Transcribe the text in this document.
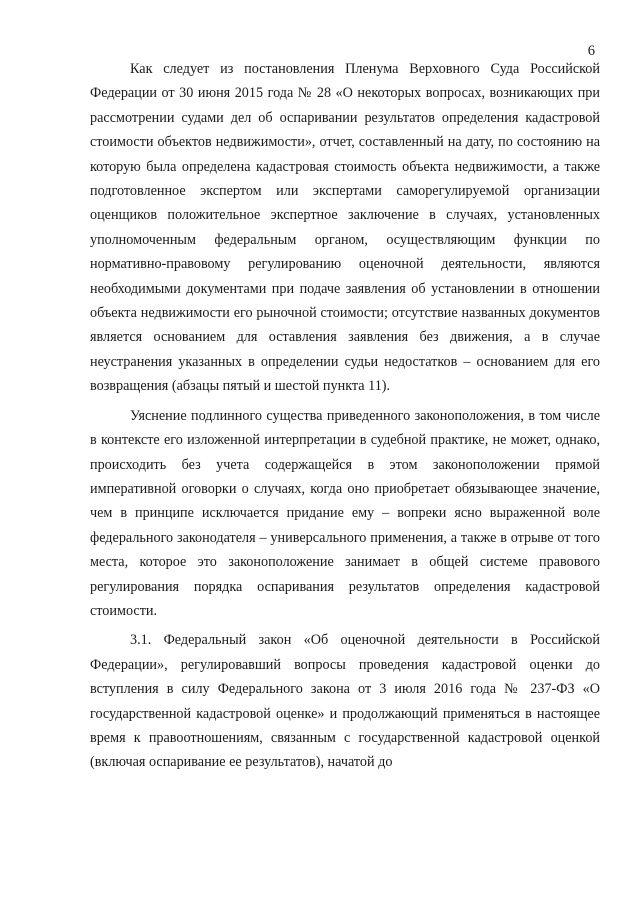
6

Как следует из постановления Пленума Верховного Суда Российской Федерации от 30 июня 2015 года № 28 «О некоторых вопросах, возникающих при рассмотрении судами дел об оспаривании результатов определения кадастровой стоимости объектов недвижимости», отчет, составленный на дату, по состоянию на которую была определена кадастровая стоимость объекта недвижимости, а также подготовленное экспертом или экспертами саморегулируемой организации оценщиков положительное экспертное заключение в случаях, установленных уполномоченным федеральным органом, осуществляющим функции по нормативно-правовому регулированию оценочной деятельности, являются необходимыми документами при подаче заявления об установлении в отношении объекта недвижимости его рыночной стоимости; отсутствие названных документов является основанием для оставления заявления без движения, а в случае неустранения указанных в определении судьи недостатков – основанием для его возвращения (абзацы пятый и шестой пункта 11).

Уяснение подлинного существа приведенного законоположения, в том числе в контексте его изложенной интерпретации в судебной практике, не может, однако, происходить без учета содержащейся в этом законоположении прямой императивной оговорки о случаях, когда оно приобретает обязывающее значение, чем в принципе исключается придание ему – вопреки ясно выраженной воле федерального законодателя – универсального применения, а также в отрыве от того места, которое это законоположение занимает в общей системе правового регулирования порядка оспаривания результатов определения кадастровой стоимости.

3.1. Федеральный закон «Об оценочной деятельности в Российской Федерации», регулировавший вопросы проведения кадастровой оценки до вступления в силу Федерального закона от 3 июля 2016 года № 237-ФЗ «О государственной кадастровой оценке» и продолжающий применяться в настоящее время к правоотношениям, связанным с государственной кадастровой оценкой (включая оспаривание ее результатов), начатой до
